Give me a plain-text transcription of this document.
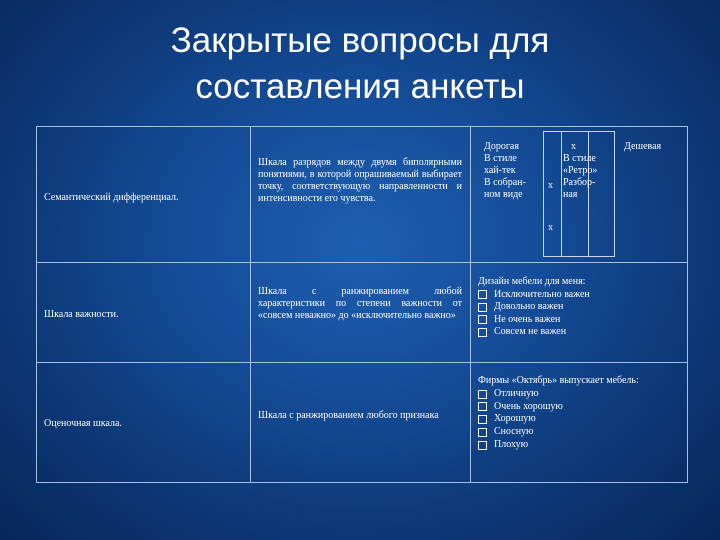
Закрытые вопросы для
составления анкеты
Семантический дифференциал.
Шкала разрядов между двумя биполярными понятиями, в которой опрашиваемый выбирает точку, соответствующую направленности и интенсивности его чувства.
Дорогая
В стиле
хай-тек
В собран-
ном виде
x
x
x
В стиле
«Ретро»
Разбор-
ная
Дешевая
Шкала важности.
Шкала с ранжированием любой характеристики по степени важности от «совсем неважно» до «исключительно важно»
Дизайн мебели для меня:
Исключительно важен
Довольно важен
Не очень важен
Совсем не важен
Оценочная шкала.
Шкала с ранжированием любого признака
Фирмы «Октябрь» выпускает мебель:
Отличную
Очень хорошую
Хорошую
Сносную
Плохую
